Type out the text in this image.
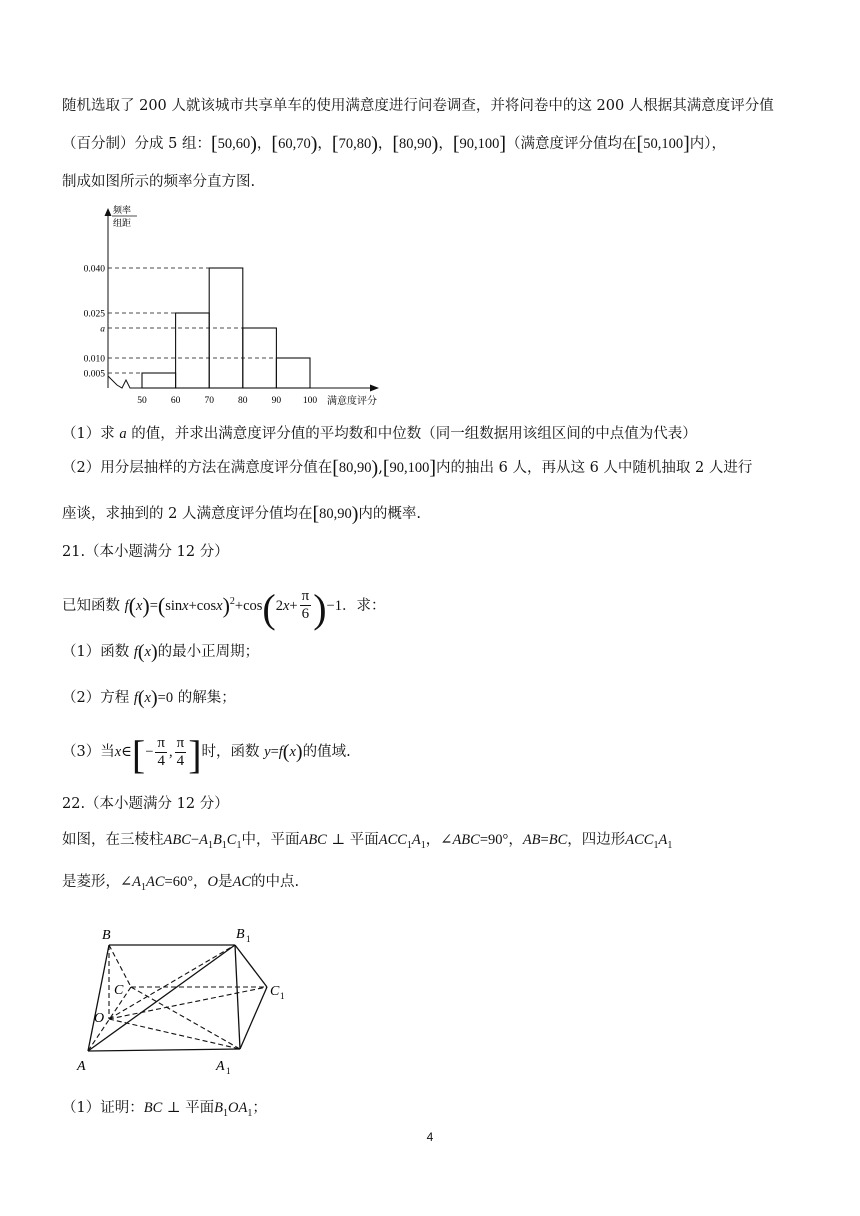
随机选取了 200 人就该城市共享单车的使用满意度进行问卷调查，并将问卷中的这 200 人根据其满意度评分值
（百分制）分成 5 组：[50,60)，[60,70)，[70,80)，[80,90)，[90,100]（满意度评分值均在[50,100]内），
制成如图所示的频率分直方图.
0.005
0.010
a
0.025
0.040
50	60	70	80	90 100
频率
组距
满意度评分
（1）求 a 的值，并求出满意度评分值的平均数和中位数（同一组数据用该组区间的中点值为代表）
（2）用分层抽样的方法在满意度评分值在[80,90),[90,100]内的抽出 6 人，再从这 6 人中随机抽取 2 人进行
座谈，求抽到的 2 人满意度评分值均在[80,90)内的概率.
21.（本小题满分 12 分）
已知函数 $f(x)=(\sin x+\cos x)^2+\cos(2x+ \frac{\pi}{6} )-1$．求：
（1）函数 f(x)的最小正周期；
（2）方程 f(x)=0 的解集；
（3）当x∈[− $\frac{\pi}{4}$ , $\frac{\pi}{4}$ ]时，函数 y=f(x)的值域.
22.（本小题满分 12 分）
如图，在三棱柱$ABC-A_1B_1C_1$中，平面ABC ⊥ 平面$ACC_1A_1$，∠ABC=90°，AB=BC，四边形$ACC_1A_1$
是菱形，$\angle A_1AC=60^\circ$，O是AC的中点.
B	B 1
C	C 1
O
A	A 1
（1）证明：BC ⊥ 平面$B_1OA_1$；
4
